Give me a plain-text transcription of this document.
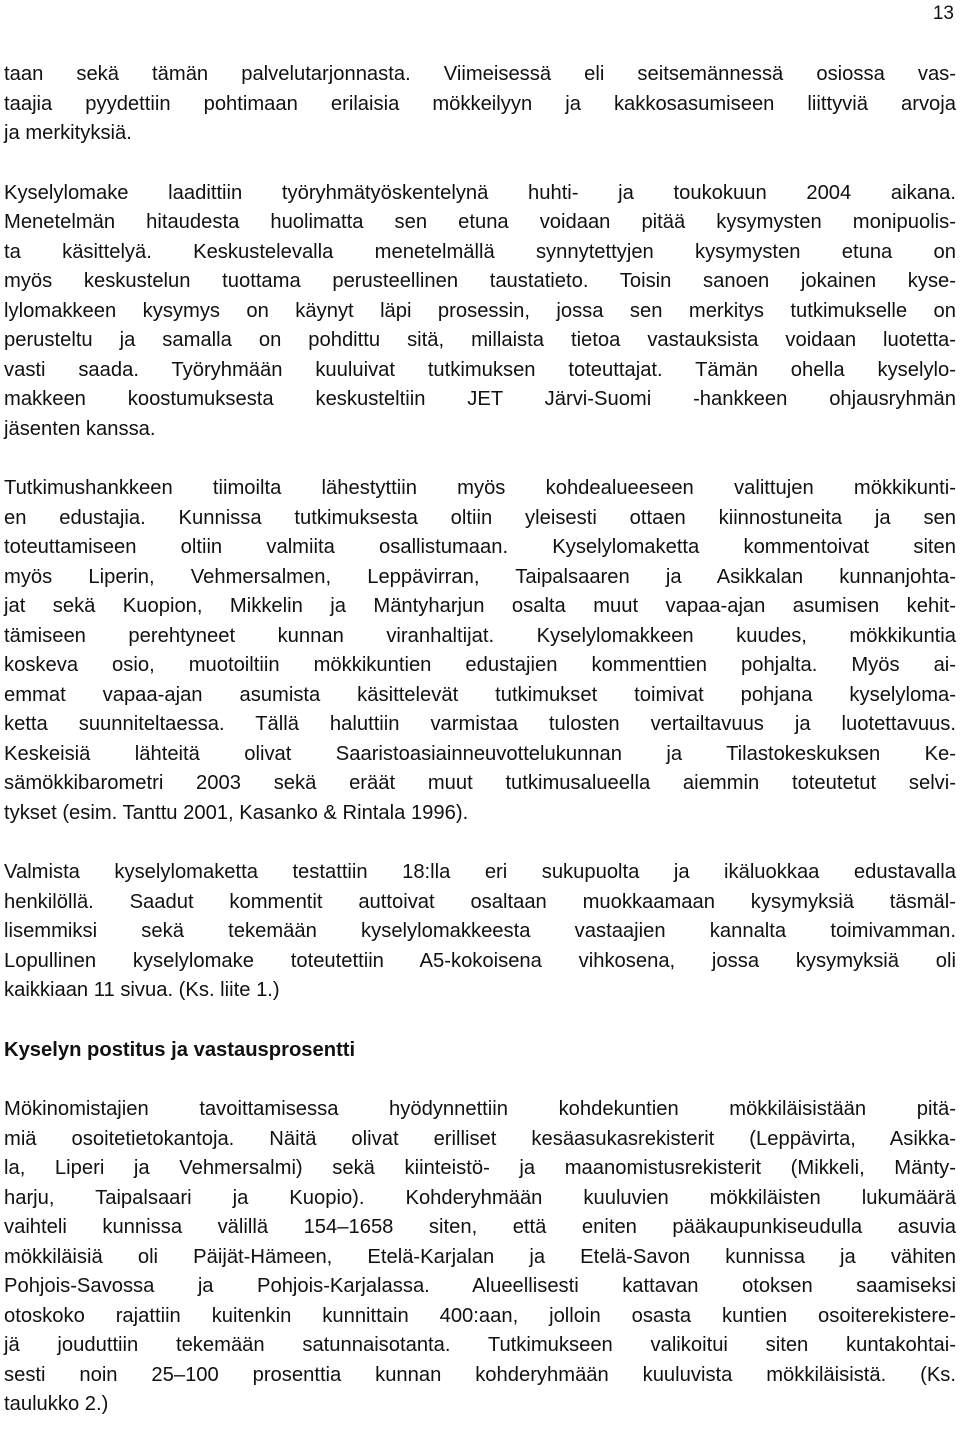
13

taan sekä tämän palvelutarjonnasta. Viimeisessä eli seitsemännessä osiossa vas-
taajia pyydettiin pohtimaan erilaisia mökkeilyyn ja kakkosasumiseen liittyviä arvoja
ja merkityksiä.

Kyselylomake laadittiin työryhmätyöskentelynä huhti- ja toukokuun 2004 aikana.
Menetelmän hitaudesta huolimatta sen etuna voidaan pitää kysymysten monipuolis-
ta käsittelyä. Keskustelevalla menetelmällä synnytettyjen kysymysten etuna on
myös keskustelun tuottama perusteellinen taustatieto. Toisin sanoen jokainen kyse-
lylomakkeen kysymys on käynyt läpi prosessin, jossa sen merkitys tutkimukselle on
perusteltu ja samalla on pohdittu sitä, millaista tietoa vastauksista voidaan luotetta-
vasti saada. Työryhmään kuuluivat tutkimuksen toteuttajat. Tämän ohella kyselylo-
makkeen koostumuksesta keskusteltiin JET Järvi-Suomi -hankkeen ohjausryhmän
jäsenten kanssa.

Tutkimushankkeen tiimoilta lähestyttiin myös kohdealueeseen valittujen mökkikunti-
en edustajia. Kunnissa tutkimuksesta oltiin yleisesti ottaen kiinnostuneita ja sen
toteuttamiseen oltiin valmiita osallistumaan. Kyselylomaketta kommentoivat siten
myös Liperin, Vehmersalmen, Leppävirran, Taipalsaaren ja Asikkalan kunnanjohta-
jat sekä Kuopion, Mikkelin ja Mäntyharjun osalta muut vapaa-ajan asumisen kehit-
tämiseen perehtyneet kunnan viranhaltijat. Kyselylomakkeen kuudes, mökkikuntia
koskeva osio, muotoiltiin mökkikuntien edustajien kommenttien pohjalta. Myös ai-
emmat vapaa-ajan asumista käsittelevät tutkimukset toimivat pohjana kyselyloma-
ketta suunniteltaessa. Tällä haluttiin varmistaa tulosten vertailtavuus ja luotettavuus.
Keskeisiä lähteitä olivat Saaristoasiainneuvottelukunnan ja Tilastokeskuksen Ke-
sämökkibarometri 2003 sekä eräät muut tutkimusalueella aiemmin toteutetut selvi-
tykset (esim. Tanttu 2001, Kasanko & Rintala 1996).

Valmista kyselylomaketta testattiin 18:lla eri sukupuolta ja ikäluokkaa edustavalla
henkilöllä. Saadut kommentit auttoivat osaltaan muokkaamaan kysymyksiä täsmäl-
lisemmiksi sekä tekemään kyselylomakkeesta vastaajien kannalta toimivamman.
Lopullinen kyselylomake toteutettiin A5-kokoisena vihkosena, jossa kysymyksiä oli
kaikkiaan 11 sivua. (Ks. liite 1.)

Kyselyn postitus ja vastausprosentti

Mökinomistajien tavoittamisessa hyödynnettiin kohdekuntien mökkiläisistään pitä-
miä osoitetietokantoja. Näitä olivat erilliset kesäasukasrekisterit (Leppävirta, Asikka-
la, Liperi ja Vehmersalmi) sekä kiinteistö- ja maanomistusrekisterit (Mikkeli, Mänty-
harju, Taipalsaari ja Kuopio). Kohderyhmään kuuluvien mökkiläisten lukumäärä
vaihteli kunnissa välillä 154–1658 siten, että eniten pääkaupunkiseudulla asuvia
mökkiläisiä oli Päijät-Hämeen, Etelä-Karjalan ja Etelä-Savon kunnissa ja vähiten
Pohjois-Savossa ja Pohjois-Karjalassa. Alueellisesti kattavan otoksen saamiseksi
otoskoko rajattiin kuitenkin kunnittain 400:aan, jolloin osasta kuntien osoiterekistere-
jä jouduttiin tekemään satunnaisotanta. Tutkimukseen valikoitui siten kuntakohtai-
sesti noin 25–100 prosenttia kunnan kohderyhmään kuuluvista mökkiläisistä. (Ks.
taulukko 2.)
